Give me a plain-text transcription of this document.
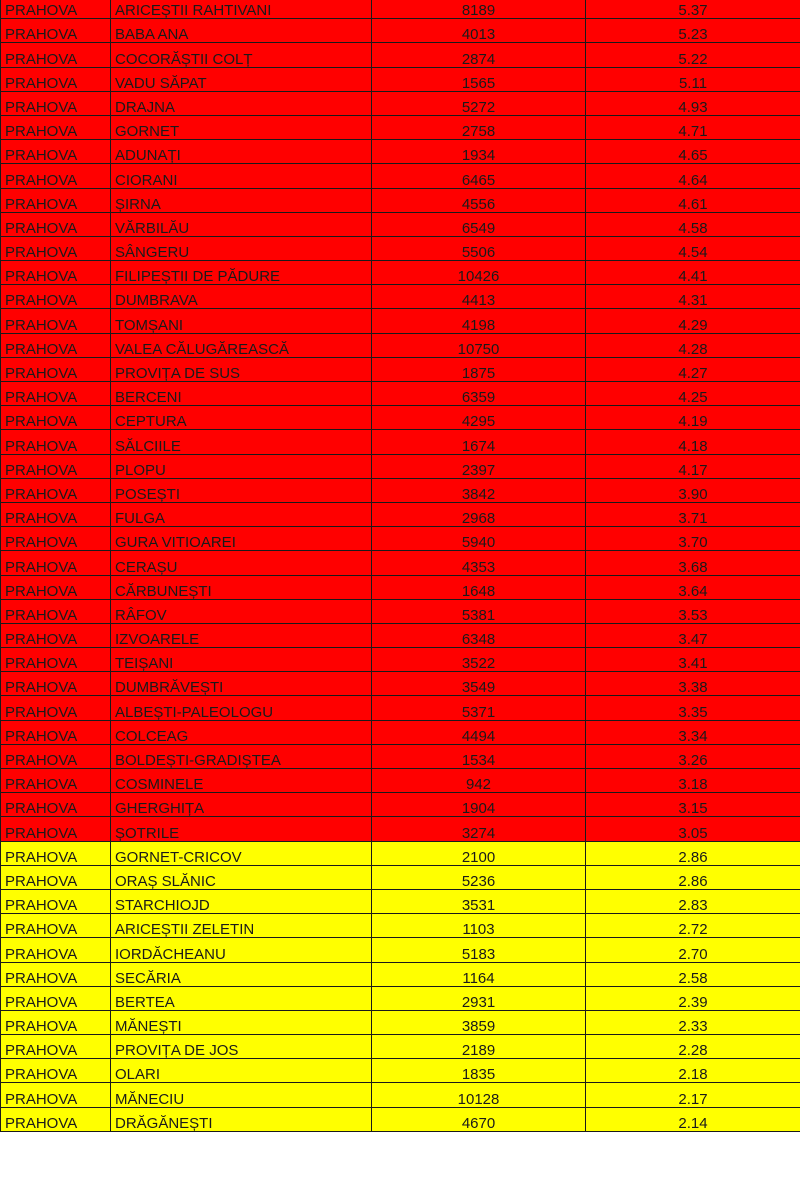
PRAHOVA	ARICEȘTII RAHTIVANI	8189	5.37
PRAHOVA	BABA ANA	4013	5.23
PRAHOVA	COCORĂȘTII COLȚ	2874	5.22
PRAHOVA	VADU SĂPAT	1565	5.11
PRAHOVA	DRAJNA	5272	4.93
PRAHOVA	GORNET	2758	4.71
PRAHOVA	ADUNAȚI	1934	4.65
PRAHOVA	CIORANI	6465	4.64
PRAHOVA	ȘIRNA	4556	4.61
PRAHOVA	VĂRBILĂU	6549	4.58
PRAHOVA	SÂNGERU	5506	4.54
PRAHOVA	FILIPEȘTII DE PĂDURE	10426	4.41
PRAHOVA	DUMBRAVA	4413	4.31
PRAHOVA	TOMȘANI	4198	4.29
PRAHOVA	VALEA CĂLUGĂREASCĂ	10750	4.28
PRAHOVA	PROVIȚA DE SUS	1875	4.27
PRAHOVA	BERCENI	6359	4.25
PRAHOVA	CEPTURA	4295	4.19
PRAHOVA	SĂLCIILE	1674	4.18
PRAHOVA	PLOPU	2397	4.17
PRAHOVA	POSEȘTI	3842	3.90
PRAHOVA	FULGA	2968	3.71
PRAHOVA	GURA VITIOAREI	5940	3.70
PRAHOVA	CERAȘU	4353	3.68
PRAHOVA	CĂRBUNEȘTI	1648	3.64
PRAHOVA	RÂFOV	5381	3.53
PRAHOVA	IZVOARELE	6348	3.47
PRAHOVA	TEIȘANI	3522	3.41
PRAHOVA	DUMBRĂVEȘTI	3549	3.38
PRAHOVA	ALBEȘTI-PALEOLOGU	5371	3.35
PRAHOVA	COLCEAG	4494	3.34
PRAHOVA	BOLDEȘTI-GRADIȘTEA	1534	3.26
PRAHOVA	COSMINELE	942	3.18
PRAHOVA	GHERGHIȚA	1904	3.15
PRAHOVA	ȘOTRILE	3274	3.05
PRAHOVA	GORNET-CRICOV	2100	2.86
PRAHOVA	ORAȘ SLĂNIC	5236	2.86
PRAHOVA	STARCHIOJD	3531	2.83
PRAHOVA	ARICEȘTII ZELETIN	1103	2.72
PRAHOVA	IORDĂCHEANU	5183	2.70
PRAHOVA	SECĂRIA	1164	2.58
PRAHOVA	BERTEA	2931	2.39
PRAHOVA	MĂNEȘTI	3859	2.33
PRAHOVA	PROVIȚA DE JOS	2189	2.28
PRAHOVA	OLARI	1835	2.18
PRAHOVA	MĂNECIU	10128	2.17
PRAHOVA	DRĂGĂNEȘTI	4670	2.14
